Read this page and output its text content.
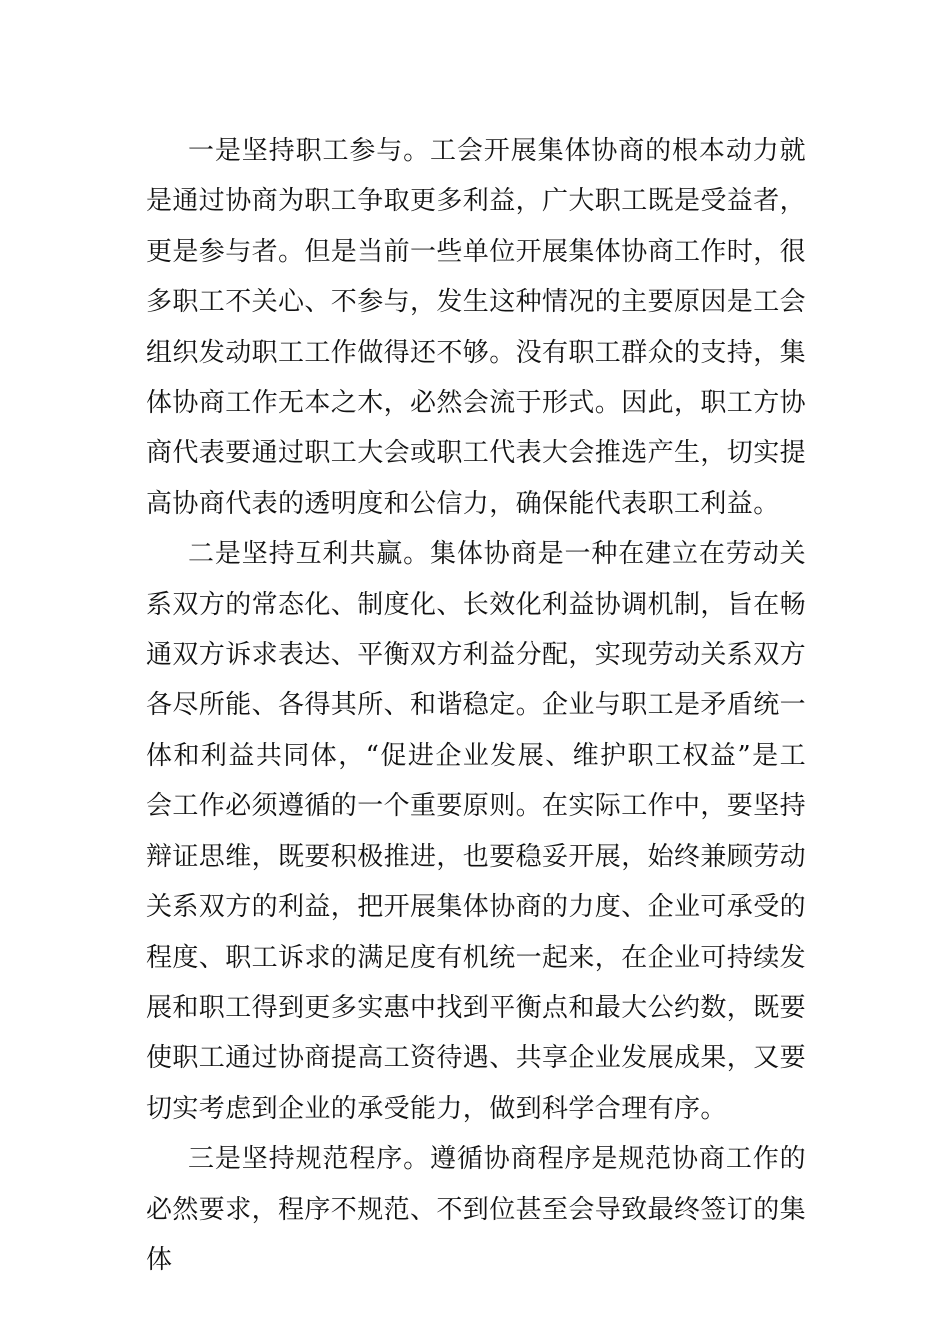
一是坚持职工参与。工会开展集体协商的根本动力就是通过协商为职工争取更多利益，广大职工既是受益者，更是参与者。但是当前一些单位开展集体协商工作时，很多职工不关心、不参与，发生这种情况的主要原因是工会组织发动职工工作做得还不够。没有职工群众的支持，集体协商工作无本之木，必然会流于形式。因此，职工方协商代表要通过职工大会或职工代表大会推选产生，切实提高协商代表的透明度和公信力，确保能代表职工利益。

二是坚持互利共赢。集体协商是一种在建立在劳动关系双方的常态化、制度化、长效化利益协调机制，旨在畅通双方诉求表达、平衡双方利益分配，实现劳动关系双方各尽所能、各得其所、和谐稳定。企业与职工是矛盾统一体和利益共同体，“促进企业发展、维护职工权益”是工会工作必须遵循的一个重要原则。在实际工作中，要坚持辩证思维，既要积极推进，也要稳妥开展，始终兼顾劳动关系双方的利益，把开展集体协商的力度、企业可承受的程度、职工诉求的满足度有机统一起来，在企业可持续发展和职工得到更多实惠中找到平衡点和最大公约数，既要使职工通过协商提高工资待遇、共享企业发展成果，又要切实考虑到企业的承受能力，做到科学合理有序。

三是坚持规范程序。遵循协商程序是规范协商工作的必然要求，程序不规范、不到位甚至会导致最终签订的集体
